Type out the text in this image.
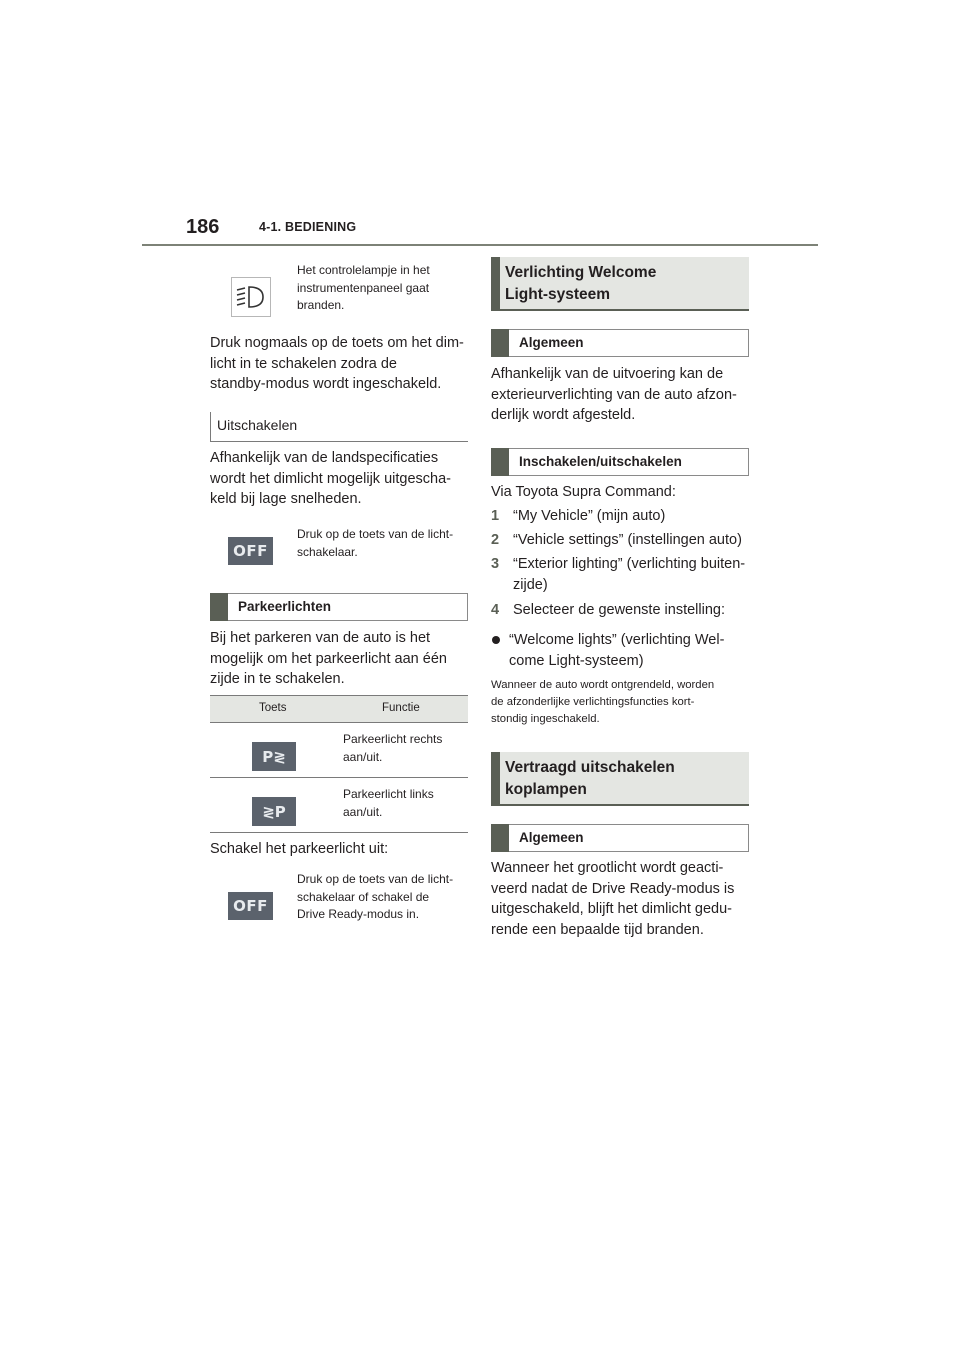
186	4-1. BEDIENING
Het controlelampje in het
instrumentenpaneel gaat
branden.
Druk nogmaals op de toets om het dim-
licht in te schakelen zodra de
standby-modus wordt ingeschakeld.
Uitschakelen
Afhankelijk van de landspecificaties
wordt het dimlicht mogelijk uitgescha-
keld bij lage snelheden.
OFF
Druk op de toets van de licht-
schakelaar.
Parkeerlichten
Bij het parkeren van de auto is het
mogelijk om het parkeerlicht aan één
zijde in te schakelen.
Toets	Functie
P≷
Parkeerlicht rechts
aan/uit.
≷P
Parkeerlicht links
aan/uit.
Schakel het parkeerlicht uit:
OFF
Druk op de toets van de licht-
schakelaar of schakel de
Drive Ready-modus in.
Verlichting Welcome
Light-systeem
Algemeen
Afhankelijk van de uitvoering kan de
exterieurverlichting van de auto afzon-
derlijk wordt afgesteld.
Inschakelen/uitschakelen
Via Toyota Supra Command:
1 “My Vehicle” (mijn auto)
2 “Vehicle settings” (instellingen auto)
3 “Exterior lighting” (verlichting buiten-
zijde)
4 Selecteer de gewenste instelling:
“Welcome lights” (verlichting Wel-
come Light-systeem)
Wanneer de auto wordt ontgrendeld, worden
de afzonderlijke verlichtingsfuncties kort-
stondig ingeschakeld.
Vertraagd uitschakelen
koplampen
Algemeen
Wanneer het grootlicht wordt geacti-
veerd nadat de Drive Ready-modus is
uitgeschakeld, blijft het dimlicht gedu-
rende een bepaalde tijd branden.
